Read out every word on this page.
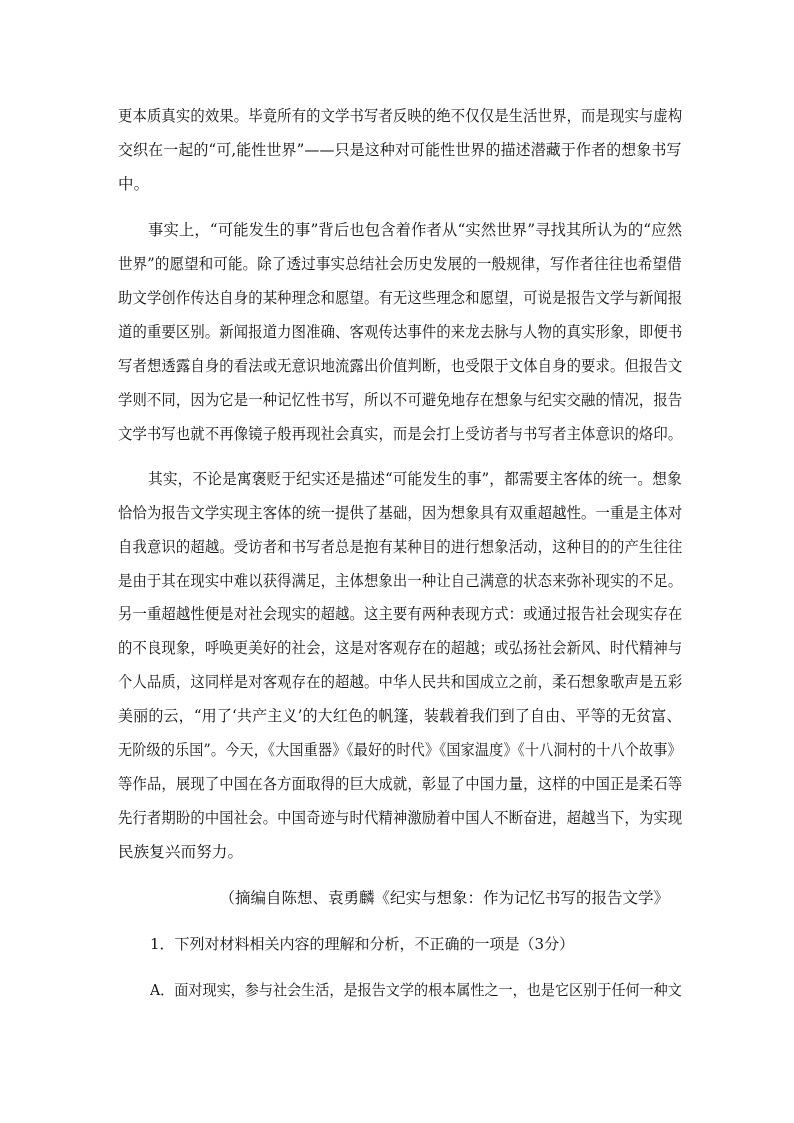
更本质真实的效果。毕竟所有的文学书写者反映的绝不仅仅是生活世界，而是现实与虚构
交织在一起的“可,能性世界”——只是这种对可能性世界的描述潜藏于作者的想象书写
中。
事实上，“可能发生的事”背后也包含着作者从“实然世界”寻找其所认为的“应然
世界”的愿望和可能。除了透过事实总结社会历史发展的一般规律，写作者往往也希望借
助文学创作传达自身的某种理念和愿望。有无这些理念和愿望，可说是报告文学与新闻报
道的重要区别。新闻报道力图准确、客观传达事件的来龙去脉与人物的真实形象，即便书
写者想透露自身的看法或无意识地流露出价值判断，也受限于文体自身的要求。但报告文
学则不同，因为它是一种记忆性书写，所以不可避免地存在想象与纪实交融的情况，报告
文学书写也就不再像镜子般再现社会真实，而是会打上受访者与书写者主体意识的烙印。
其实，不论是寓褒贬于纪实还是描述“可能发生的事”，都需要主客体的统一。想象
恰恰为报告文学实现主客体的统一提供了基础，因为想象具有双重超越性。一重是主体对
自我意识的超越。受访者和书写者总是抱有某种目的进行想象活动，这种目的的产生往往
是由于其在现实中难以获得满足，主体想象出一种让自己满意的状态来弥补现实的不足。
另一重超越性便是对社会现实的超越。这主要有两种表现方式：或通过报告社会现实存在
的不良现象，呼唤更美好的社会，这是对客观存在的超越；或弘扬社会新风、时代精神与
个人品质，这同样是对客观存在的超越。中华人民共和国成立之前，柔石想象歌声是五彩
美丽的云，“用了‘共产主义’的大红色的帆篷，装载着我们到了自由、平等的无贫富、
无阶级的乐国”。今天，《大国重器》《最好的时代》《国家温度》《十八洞村的十八个故事》
等作品，展现了中国在各方面取得的巨大成就，彰显了中国力量，这样的中国正是柔石等
先行者期盼的中国社会。中国奇迹与时代精神激励着中国人不断奋进，超越当下，为实现
民族复兴而努力。
（摘编自陈想、袁勇麟《纪实与想象：作为记忆书写的报告文学》
1．下列对材料相关内容的理解和分析，不正确的一项是（3分）
A．面对现实，参与社会生活，是报告文学的根本属性之一，也是它区别于任何一种文
